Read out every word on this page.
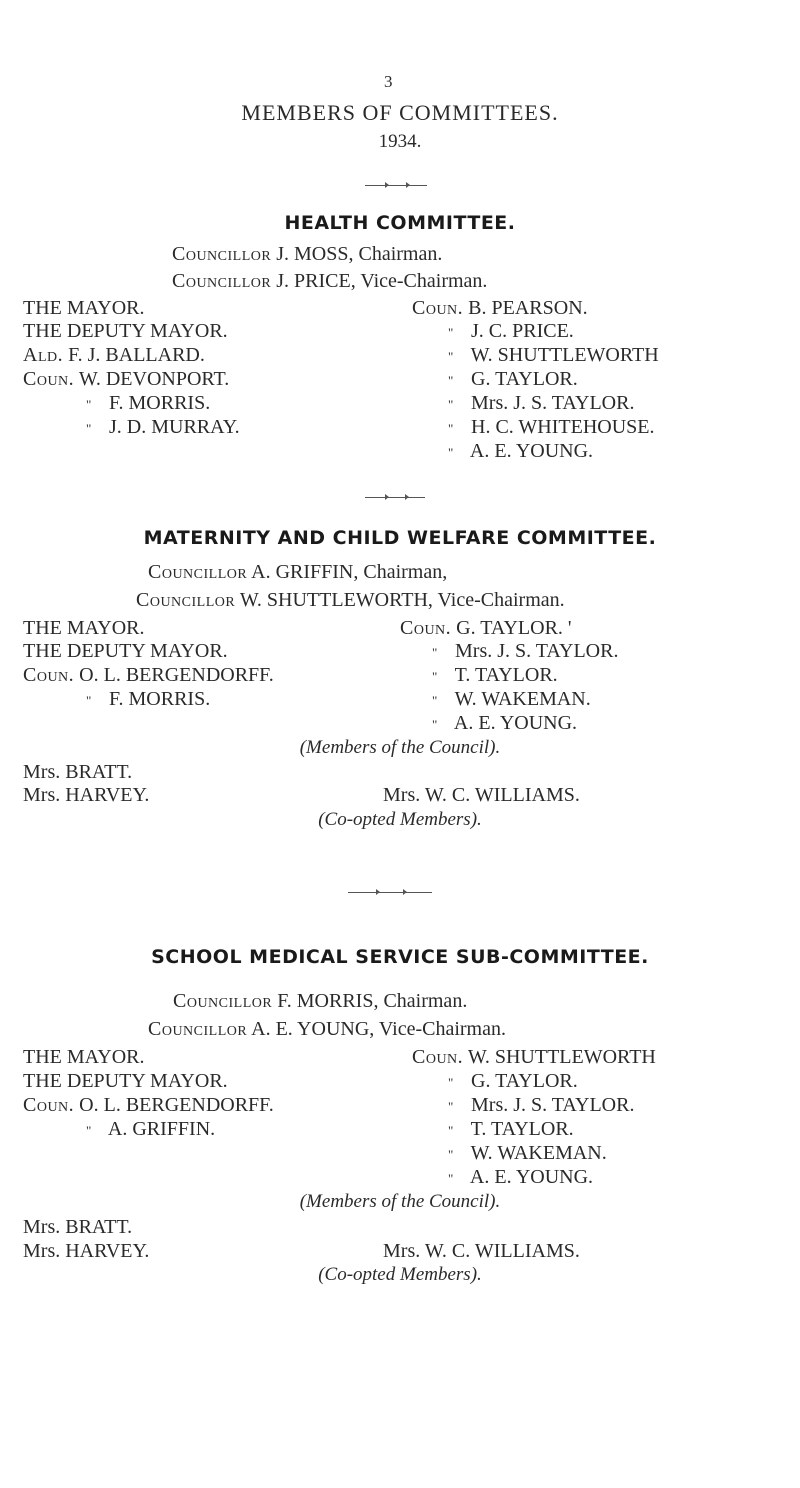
3
MEMBERS OF COMMITTEES.
1934.
HEALTH COMMITTEE.
Councillor J. MOSS, Chairman.
Councillor J. PRICE, Vice-Chairman.
THE MAYOR.
THE DEPUTY MAYOR.
Ald. F. J. BALLARD.
Coun. W. DEVONPORT.
" F. MORRIS.
" J. D. MURRAY.
Coun. B. PEARSON.
" J. C. PRICE.
" W. SHUTTLEWORTH
" G. TAYLOR.
" Mrs. J. S. TAYLOR.
" H. C. WHITEHOUSE.
" A. E. YOUNG.
MATERNITY AND CHILD WELFARE COMMITTEE.
Councillor A. GRIFFIN, Chairman,
Councillor W. SHUTTLEWORTH, Vice-Chairman.
THE MAYOR.
THE DEPUTY MAYOR.
Coun. O. L. BERGENDORFF.
" F. MORRIS.
Coun. G. TAYLOR. '
" Mrs. J. S. TAYLOR.
" T. TAYLOR.
" W. WAKEMAN.
" A. E. YOUNG.
(Members of the Council).
Mrs. BRATT.
Mrs. HARVEY.	Mrs. W. C. WILLIAMS.
(Co-opted Members).
SCHOOL MEDICAL SERVICE SUB-COMMITTEE.
Councillor F. MORRIS, Chairman.
Councillor A. E. YOUNG, Vice-Chairman.
THE MAYOR.
THE DEPUTY MAYOR.
Coun. O. L. BERGENDORFF.
" A. GRIFFIN.
Coun. W. SHUTTLEWORTH
" G. TAYLOR.
" Mrs. J. S. TAYLOR.
" T. TAYLOR.
" W. WAKEMAN.
" A. E. YOUNG.
(Members of the Council).
Mrs. BRATT.
Mrs. HARVEY.	Mrs. W. C. WILLIAMS.
(Co-opted Members).
